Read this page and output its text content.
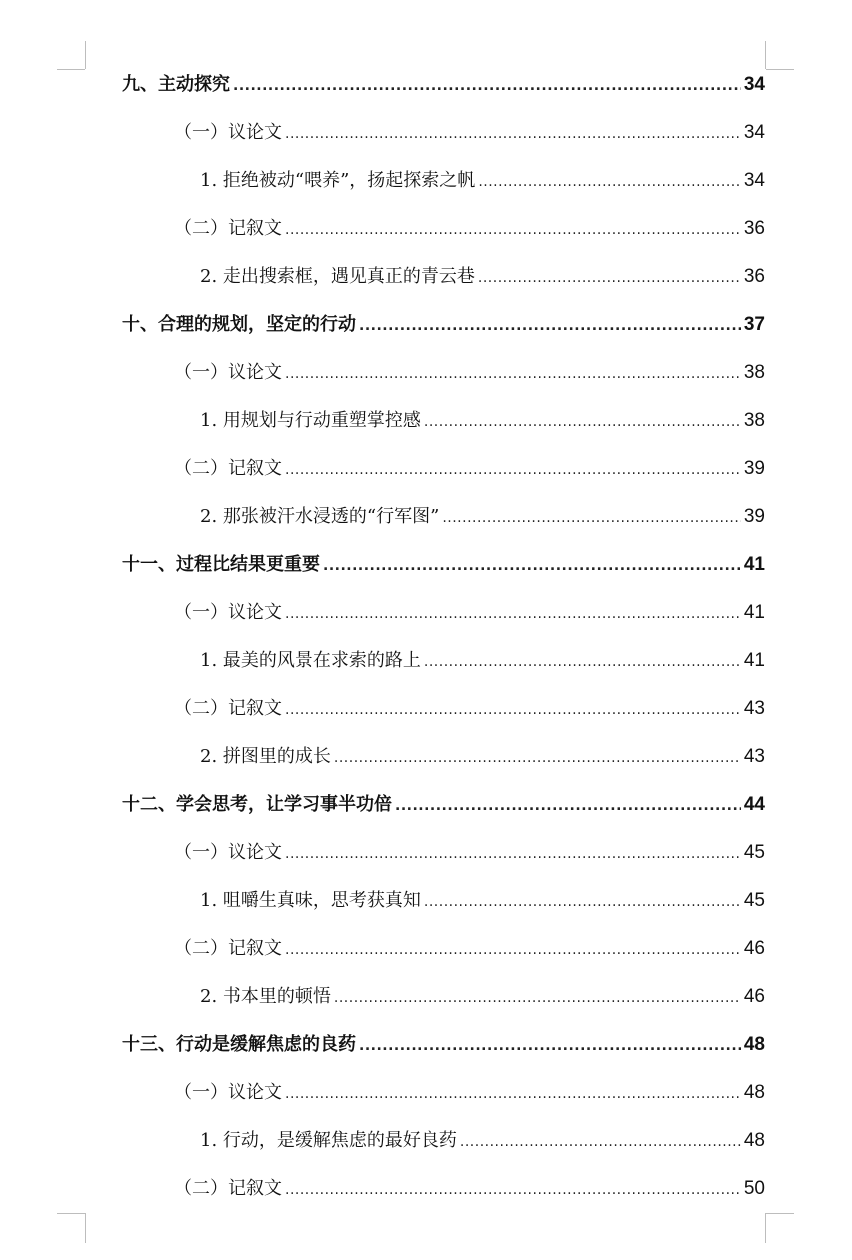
九、主动探究 .....	34
（一）议论文 .....	34
1. 拒绝被动“喂养”，扬起探索之帆 .....	34
（二）记叙文 .....	36
2. 走出搜索框，遇见真正的青云巷 .....	36
十、合理的规划，坚定的行动 .....	37
（一）议论文 .....	38
1. 用规划与行动重塑掌控感 .....	38
（二）记叙文 .....	39
2. 那张被汗水浸透的“行军图” .....	39
十一、过程比结果更重要 .....	41
（一）议论文 .....	41
1. 最美的风景在求索的路上 .....	41
（二）记叙文 .....	43
2. 拼图里的成长 .....	43
十二、学会思考，让学习事半功倍 .....	44
（一）议论文 .....	45
1. 咀嚼生真味，思考获真知 .....	45
（二）记叙文 .....	46
2. 书本里的顿悟 .....	46
十三、行动是缓解焦虑的良药 .....	48
（一）议论文 .....	48
1. 行动，是缓解焦虑的最好良药 .....	48
（二）记叙文 .....	50
